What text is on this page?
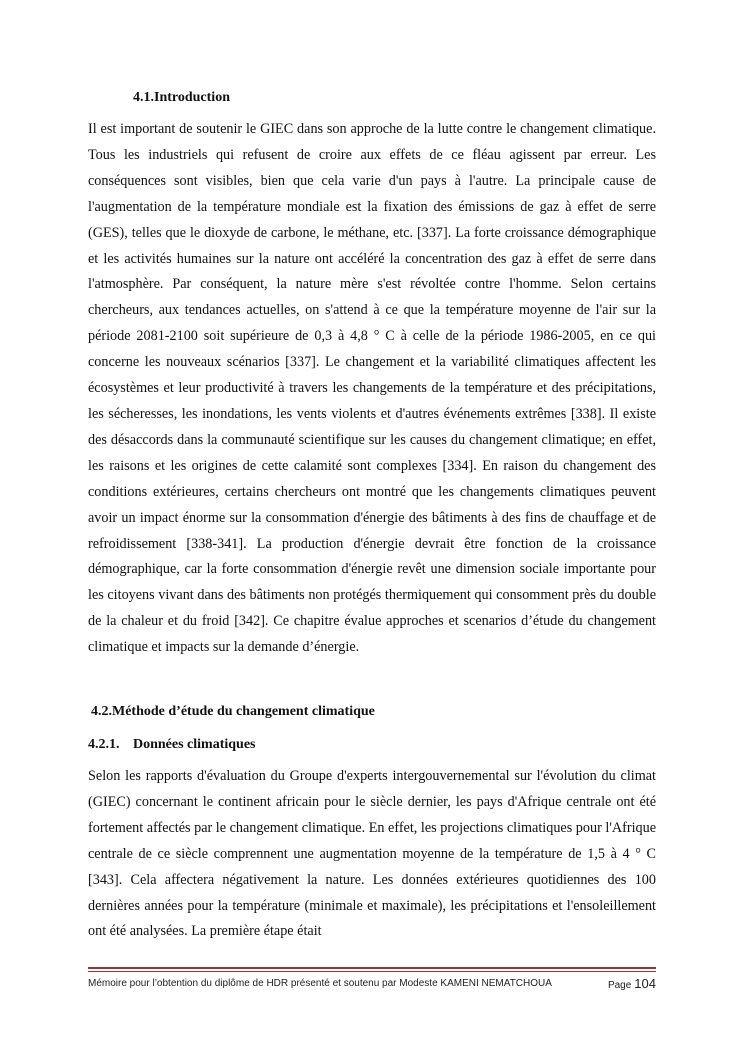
4.1.Introduction

Il est important de soutenir le GIEC dans son approche de la lutte contre le changement climatique. Tous les industriels qui refusent de croire aux effets de ce fléau agissent par erreur. Les conséquences sont visibles, bien que cela varie d'un pays à l'autre. La principale cause de l'augmentation de la température mondiale est la fixation des émissions de gaz à effet de serre (GES), telles que le dioxyde de carbone, le méthane, etc. [337]. La forte croissance démographique et les activités humaines sur la nature ont accéléré la concentration des gaz à effet de serre dans l'atmosphère. Par conséquent, la nature mère s'est révoltée contre l'homme. Selon certains chercheurs, aux tendances actuelles, on s'attend à ce que la température moyenne de l'air sur la période 2081-2100 soit supérieure de 0,3 à 4,8 ° C à celle de la période 1986-2005, en ce qui concerne les nouveaux scénarios [337]. Le changement et la variabilité climatiques affectent les écosystèmes et leur productivité à travers les changements de la température et des précipitations, les sécheresses, les inondations, les vents violents et d'autres événements extrêmes [338]. Il existe des désaccords dans la communauté scientifique sur les causes du changement climatique; en effet, les raisons et les origines de cette calamité sont complexes [334]. En raison du changement des conditions extérieures, certains chercheurs ont montré que les changements climatiques peuvent avoir un impact énorme sur la consommation d'énergie des bâtiments à des fins de chauffage et de refroidissement [338-341]. La production d'énergie devrait être fonction de la croissance démographique, car la forte consommation d'énergie revêt une dimension sociale importante pour les citoyens vivant dans des bâtiments non protégés thermiquement qui consomment près du double de la chaleur et du froid [342]. Ce chapitre évalue approches et scenarios d’étude du changement climatique et impacts sur la demande d’énergie.

4.2.Méthode d’étude du changement climatique
4.2.1. Données climatiques

Selon les rapports d'évaluation du Groupe d'experts intergouvernemental sur l'évolution du climat (GIEC) concernant le continent africain pour le siècle dernier, les pays d'Afrique centrale ont été fortement affectés par le changement climatique. En effet, les projections climatiques pour l'Afrique centrale de ce siècle comprennent une augmentation moyenne de la température de 1,5 à 4 ° C [343]. Cela affectera négativement la nature. Les données extérieures quotidiennes des 100 dernières années pour la température (minimale et maximale), les précipitations et l'ensoleillement ont été analysées. La première étape était

Mémoire pour l’obtention du diplôme de HDR présenté et soutenu par Modeste KAMENI NEMATCHOUA	Page 104
